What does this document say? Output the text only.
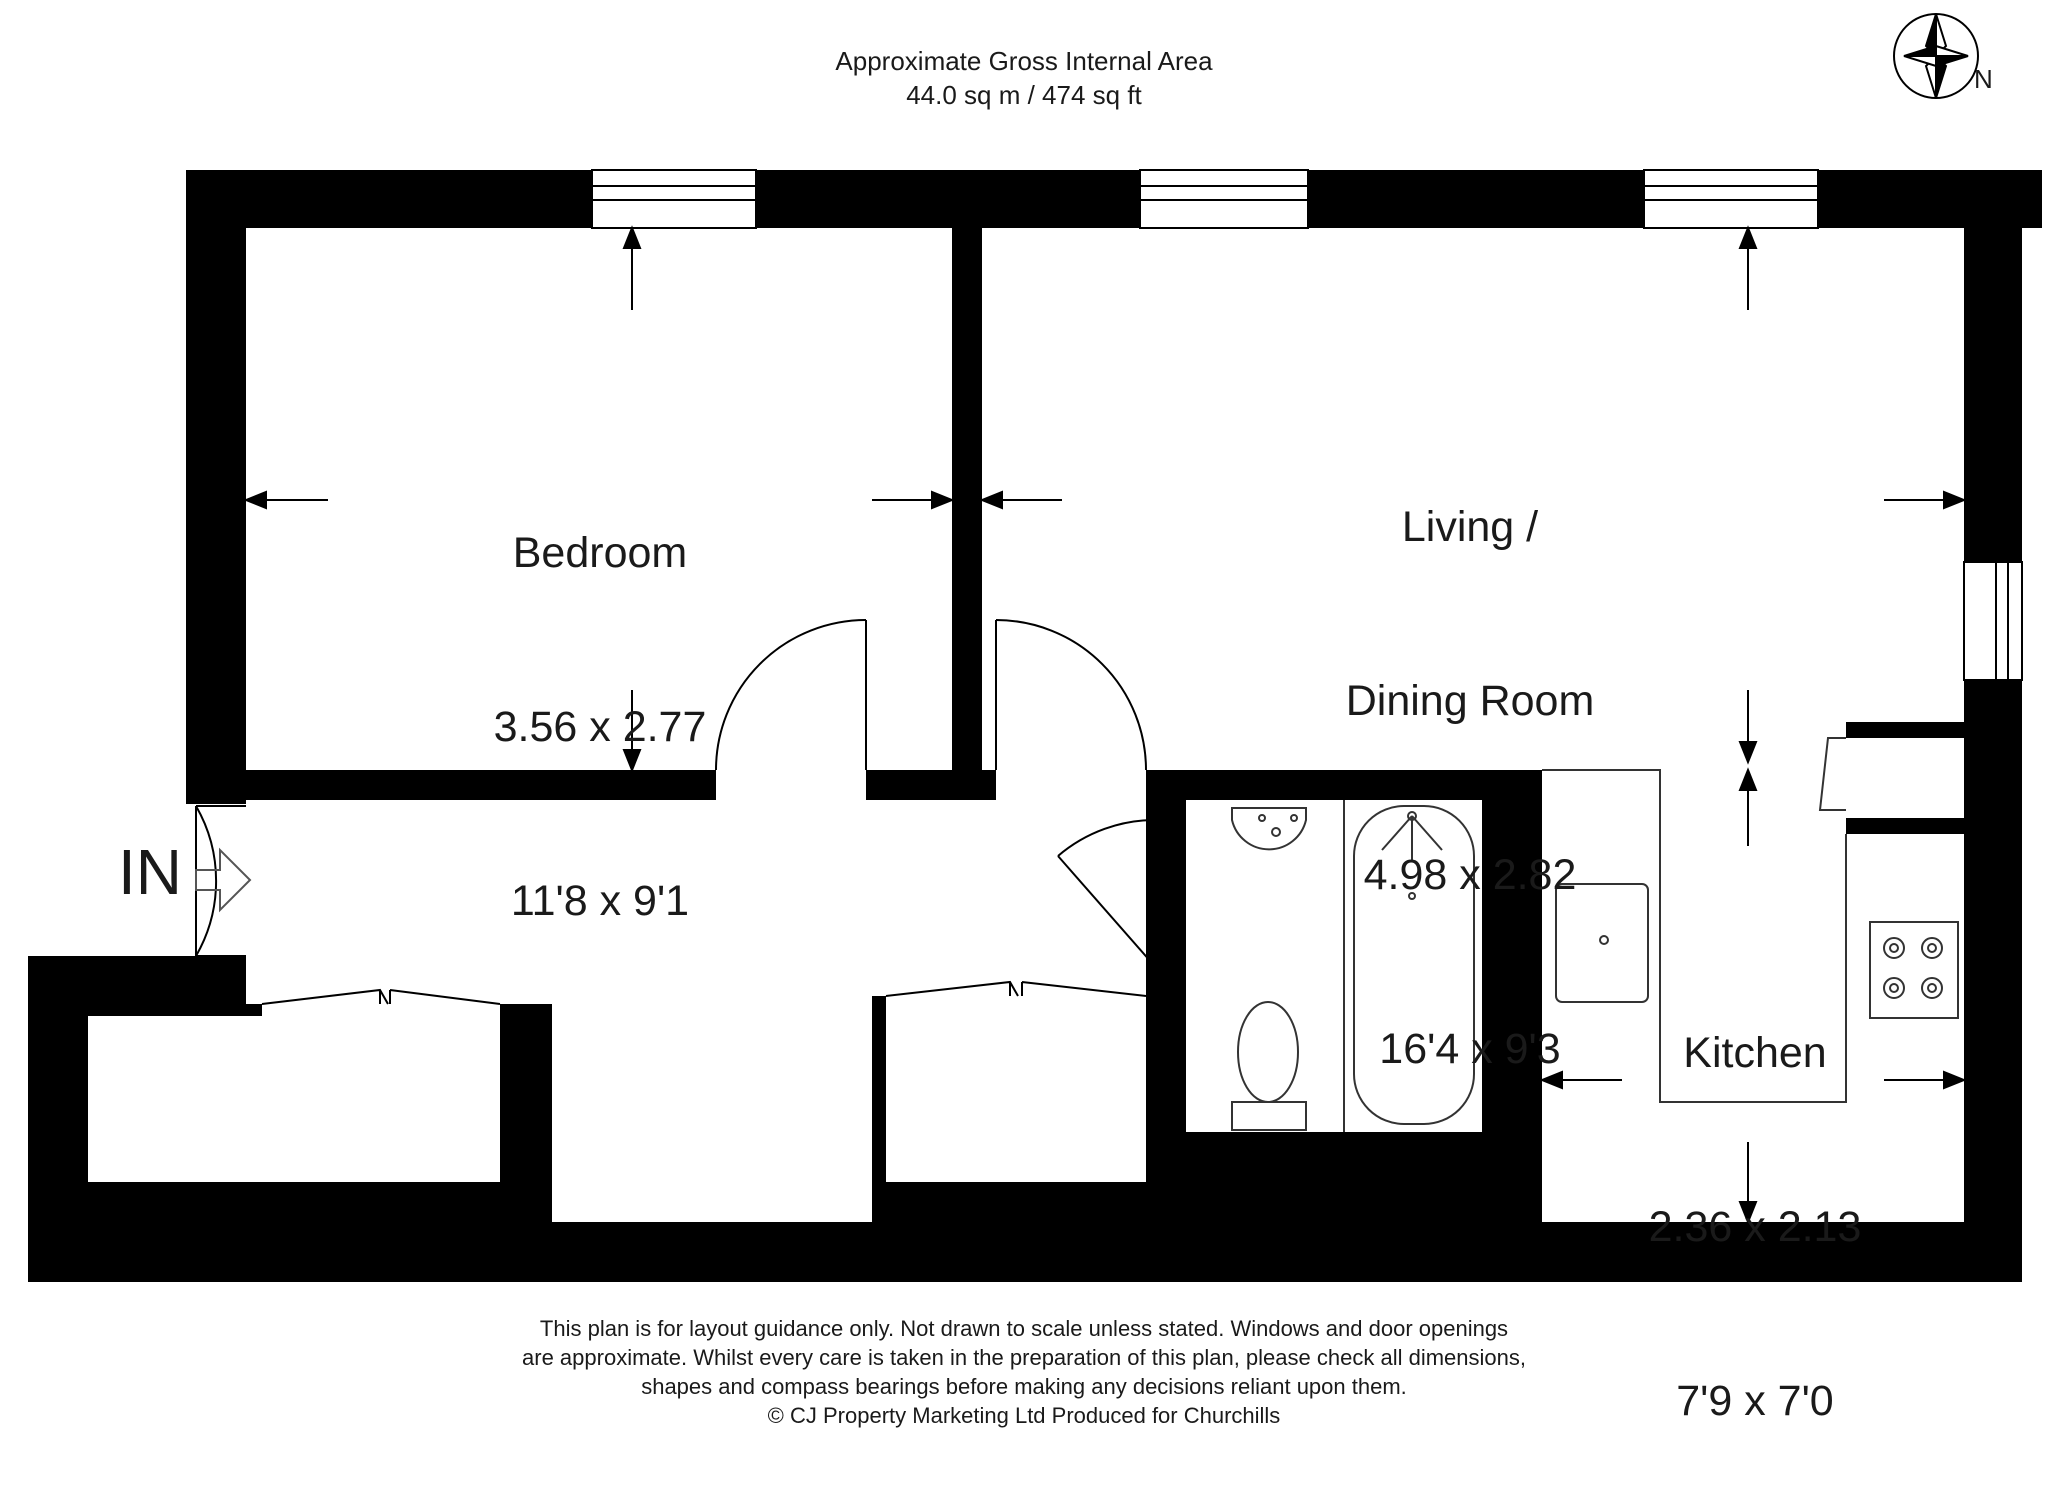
Approximate Gross Internal Area
44.0 sq m / 474 sq ft
N
IN

Bedroom

3.56 x 2.77

11'8 x 9'1

Living /

Dining Room

4.98 x 2.82

16'4 x 9'3

	Kitchen

2.36 x 2.13

7'9 x 7'0

This plan is for layout guidance only. Not drawn to scale unless stated. Windows and door openings
are approximate. Whilst every care is taken in the preparation of this plan, please check all dimensions,
shapes and compass bearings before making any decisions reliant upon them.
© CJ Property Marketing Ltd Produced for Churchills
